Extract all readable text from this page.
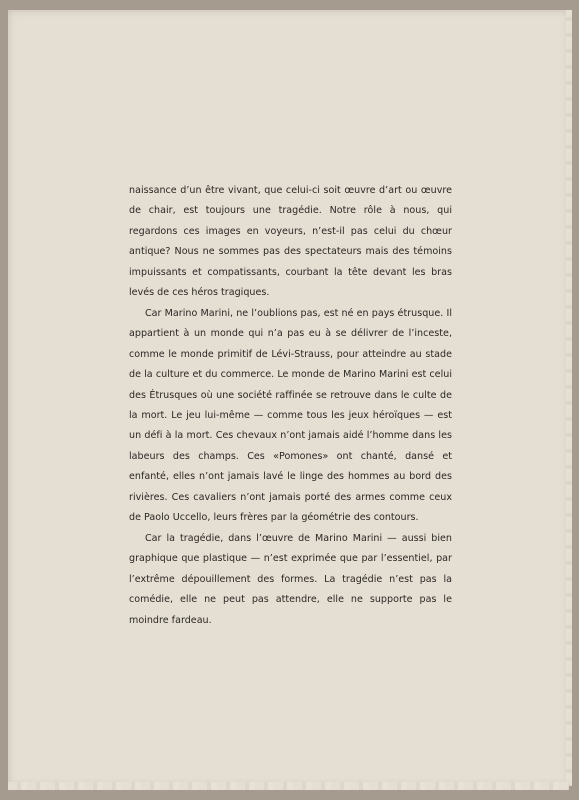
naissance d’un être vivant, que celui-ci soit œuvre d’art ou œuvre de chair, est toujours une tragédie. Notre rôle à nous, qui regardons ces images en voyeurs, n’est-il pas celui du chœur antique? Nous ne sommes pas des spectateurs mais des témoins impuissants et compatissants, courbant la tête devant les bras levés de ces héros tragiques.

Car Marino Marini, ne l’oublions pas, est né en pays étrusque. Il appartient à un monde qui n’a pas eu à se délivrer de l’inceste, comme le monde primitif de Lévi-Strauss, pour atteindre au stade de la culture et du commerce. Le monde de Marino Marini est celui des Étrusques où une société raffinée se retrouve dans le culte de la mort. Le jeu lui-même — comme tous les jeux héroïques — est un défi à la mort. Ces chevaux n’ont jamais aidé l’homme dans les labeurs des champs. Ces «Pomones» ont chanté, dansé et enfanté, elles n’ont jamais lavé le linge des hommes au bord des rivières. Ces cavaliers n’ont jamais porté des armes comme ceux de Paolo Uccello, leurs frères par la géométrie des contours.

Car la tragédie, dans l’œuvre de Marino Marini — aussi bien graphique que plastique — n’est exprimée que par l’essentiel, par l’extrême dépouillement des formes. La tragédie n’est pas la comédie, elle ne peut pas attendre, elle ne supporte pas le moindre fardeau.
